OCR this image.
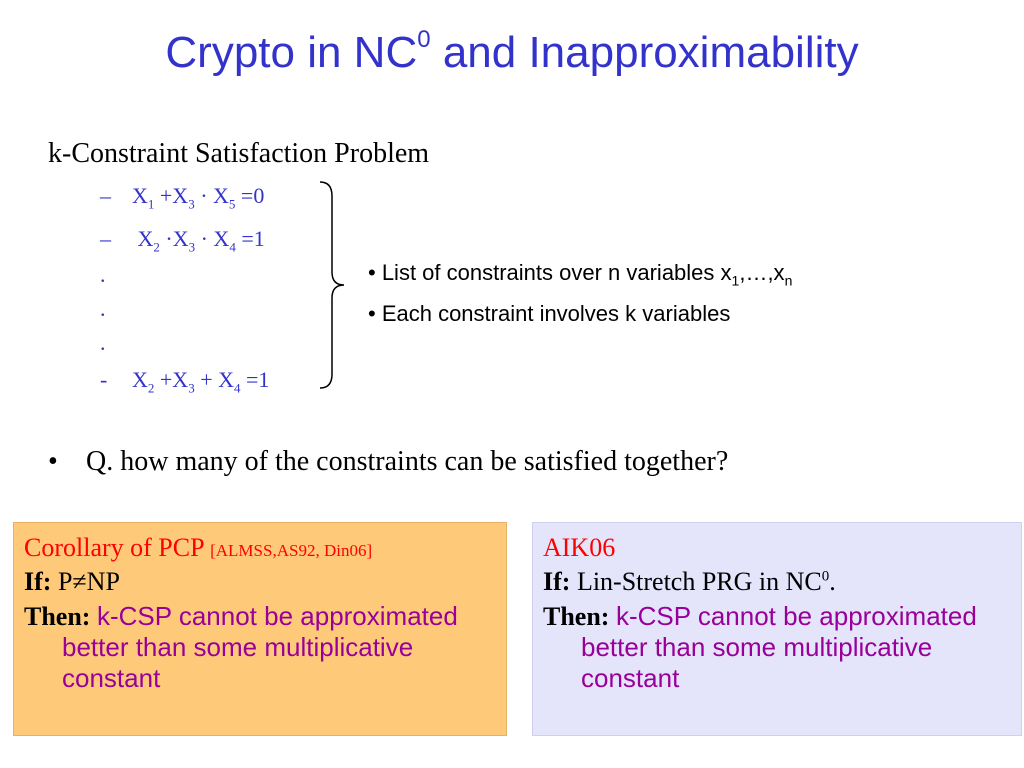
Crypto in $NC^0$ and Inapproximability
k-Constraint Satisfaction Problem
– $X_1 +X_3 \cdot X_5 =0$
– $X_2 \cdot X_3 \cdot X_4 =1$
.
.
.
- $X_2 +X_3 + X_4 =1$
• List of constraints over n variables $x_1,\dots,x_n$
• Each constraint involves k variables
• Q. how many of the constraints can be satisfied together?
Corollary of PCP [ALMSS,AS92, Din06]
If: P≠NP
Then: k-CSP cannot be approximated better than some multiplicative constant
AIK06
If: Lin-Stretch PRG in $NC^0$.
Then: k-CSP cannot be approximated better than some multiplicative constant
